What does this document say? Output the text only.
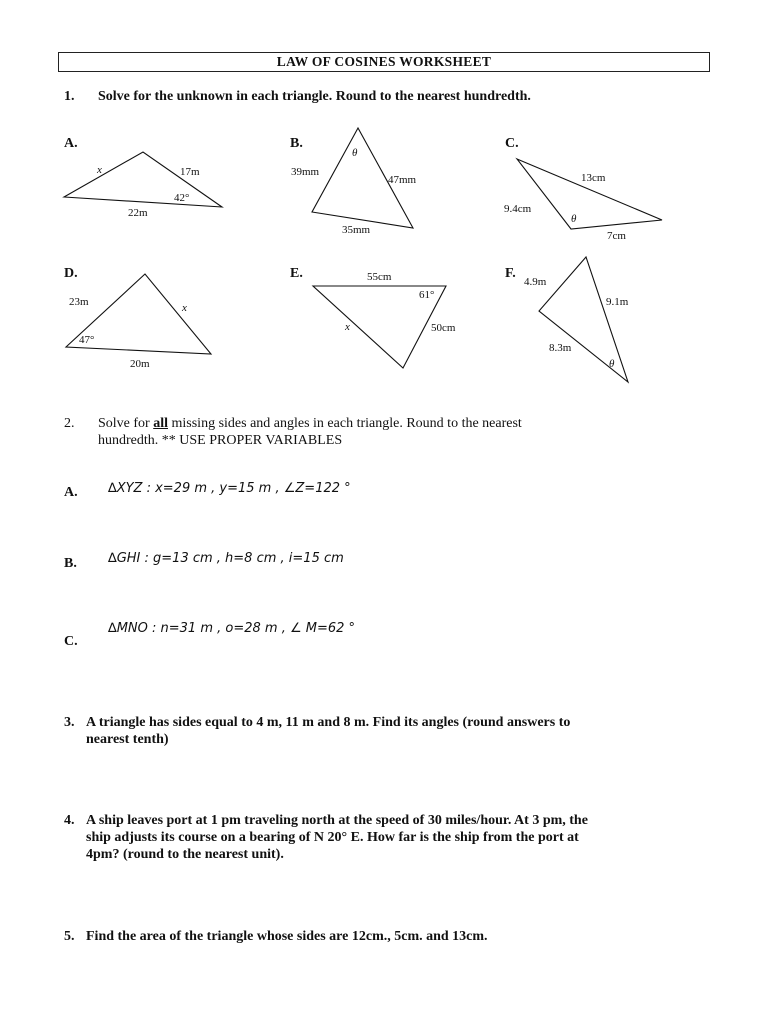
LAW OF COSINES WORKSHEET
1. Solve for the unknown in each triangle. Round to the nearest hundredth.
A.	B.	C.
D.	E.	F.
x	17m
42°
22m
θ
39mm
47mm
35mm
13cm
9.4cm
θ
7cm
23m	x
47°
20m
55cm
61°
x	50cm
4.9m
9.1m
8.3m
θ
2. Solve for all missing sides and angles in each triangle. Round to the nearest
hundredth. ** USE PROPER VARIABLES
A. ∆XYZ : x=29 m , y=15 m , ∠Z=122 °
B. ∆GHI : g=13 cm , h=8 cm , i=15 cm
C.
∆MNO : n=31 m , o=28 m , ∠ M=62 °
3. A triangle has sides equal to 4 m, 11 m and 8 m. Find its angles (round answers to
nearest tenth)
4. A ship leaves port at 1 pm traveling north at the speed of 30 miles/hour. At 3 pm, the
ship adjusts its course on a bearing of N 20° E. How far is the ship from the port at
4pm? (round to the nearest unit).
5. Find the area of the triangle whose sides are 12cm., 5cm. and 13cm.
